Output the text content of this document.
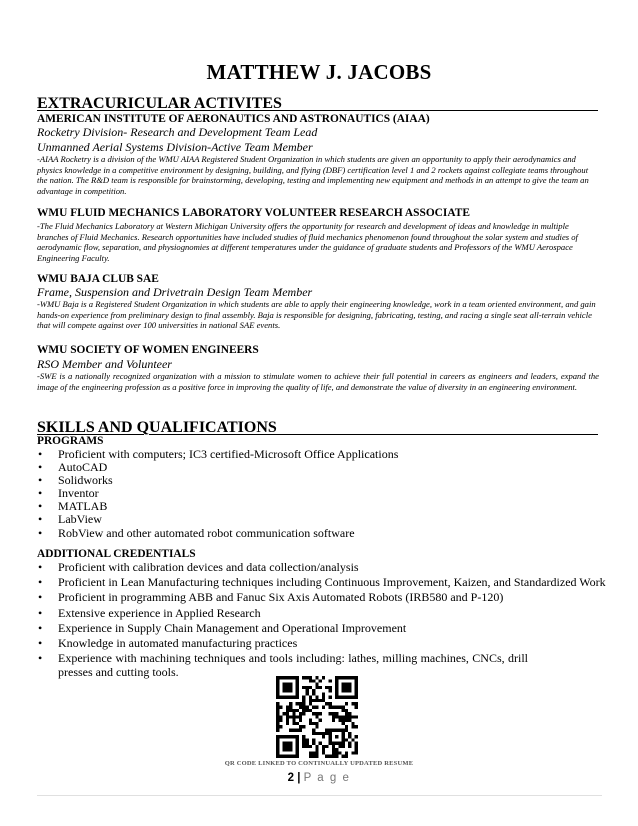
MATTHEW J. JACOBS
EXTRACURICULAR ACTIVITES
AMERICAN INSTITUTE OF AERONAUTICS AND ASTRONAUTICS (AIAA)
Rocketry Division- Research and Development Team Lead
Unmanned Aerial Systems Division-Active Team Member
-AIAA Rocketry is a division of the WMU AIAA Registered Student Organization in which students are given an opportunity to apply their aerodynamics and physics knowledge in a competitive environment by designing, building, and flying (DBF) certification level 1 and 2 rockets against collegiate teams throughout the nation. The R&D team is responsible for brainstorming, developing, testing and implementing new equipment and methods in an attempt to give the team an advantage in competition.
WMU FLUID MECHANICS LABORATORY VOLUNTEER RESEARCH ASSOCIATE
-The Fluid Mechanics Laboratory at Western Michigan University offers the opportunity for research and development of ideas and knowledge in multiple branches of Fluid Mechanics. Research opportunities have included studies of fluid mechanics phenomenon found throughout the solar system and studies of aerodynamic flow, separation, and physiognomies at different temperatures under the guidance of graduate students and Professors of the WMU Aerospace Engineering Faculty.
WMU BAJA CLUB SAE
Frame, Suspension and Drivetrain Design Team Member
-WMU Baja is a Registered Student Organization in which students are able to apply their engineering knowledge, work in a team oriented environment, and gain hands-on experience from preliminary design to final assembly. Baja is responsible for designing, fabricating, testing, and racing a single seat all-terrain vehicle that will compete against over 100 universities in national SAE events.
WMU SOCIETY OF WOMEN ENGINEERS
RSO Member and Volunteer
-SWE is a nationally recognized organization with a mission to stimulate women to achieve their full potential in careers as engineers and leaders, expand the image of the engineering profession as a positive force in improving the quality of life, and demonstrate the value of diversity in an engineering environment.
SKILLS AND QUALIFICATIONS
PROGRAMS
• Proficient with computers; IC3 certified-Microsoft Office Applications
• AutoCAD
• Solidworks
• Inventor
• MATLAB
• LabView
• RobView and other automated robot communication software
ADDITIONAL CREDENTIALS
• Proficient with calibration devices and data collection/analysis
• Proficient in Lean Manufacturing techniques including Continuous Improvement, Kaizen, and Standardized Work
• Proficient in programming ABB and Fanuc Six Axis Automated Robots (IRB580 and P-120)
• Extensive experience in Applied Research
• Experience in Supply Chain Management and Operational Improvement
• Knowledge in automated manufacturing practices
• Experience with machining techniques and tools including: lathes, milling machines, CNCs, drill presses and cutting tools.
QR CODE LINKED TO CONTINUALLY UPDATED RESUME
2 | P a g e
